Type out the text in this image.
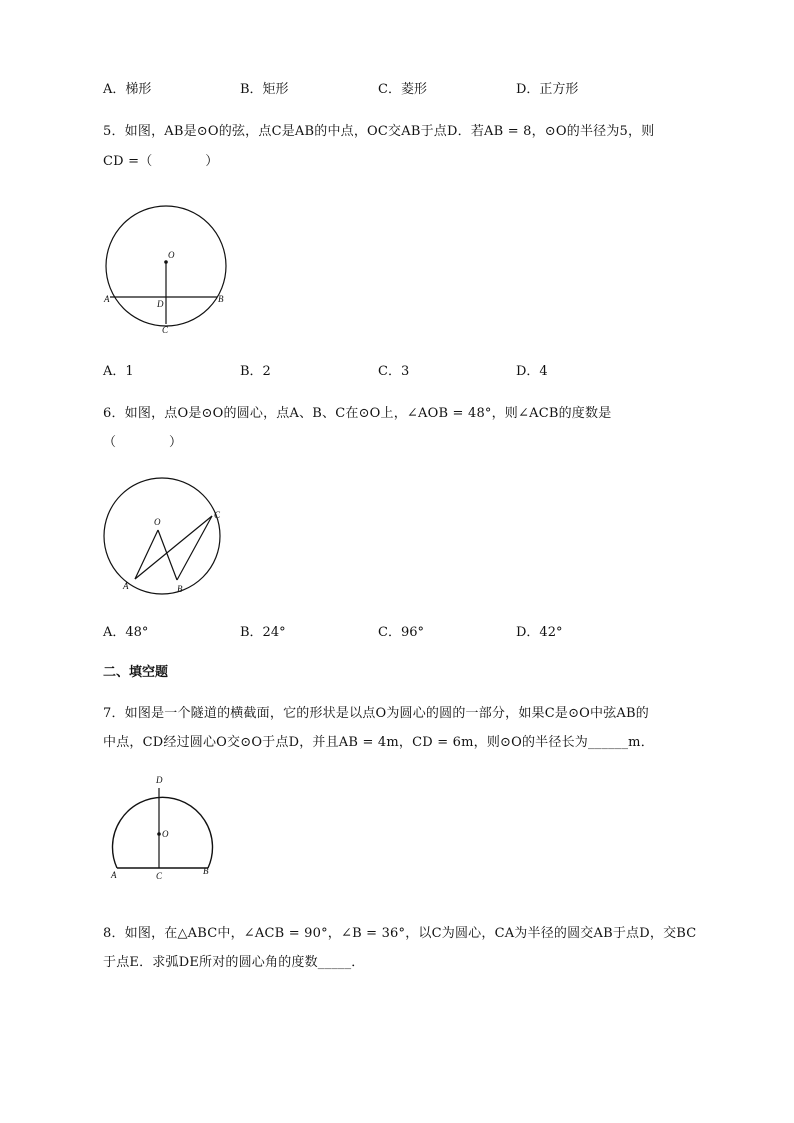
A．梯形	B．矩形	C．菱形	D．正方形
5．如图，AB是⊙O的弦，点C是AB的中点，OC交AB于点D．若AB = 8，⊙O的半径为5，则
CD =（　　　　）
O
A	B
D
C
A．1	B．2	C．3	D．4
6．如图，点O是⊙O的圆心，点A、B、C在⊙O上，∠AOB = 48°，则∠ACB的度数是
（　　　　）
O
A	B
C
A．48°	B．24°	C．96°	D．42°
二、填空题
7．如图是一个隧道的横截面，它的形状是以点O为圆心的圆的一部分，如果C是⊙O中弦AB的
中点，CD经过圆心O交⊙O于点D，并且AB = 4m，CD = 6m，则⊙O的半径长为______m．
D
O
A	C	B
8．如图，在△ABC中，∠ACB = 90°，∠B = 36°，以C为圆心，CA为半径的圆交AB于点D，交BC
于点E．求弧DE所对的圆心角的度数_____．
